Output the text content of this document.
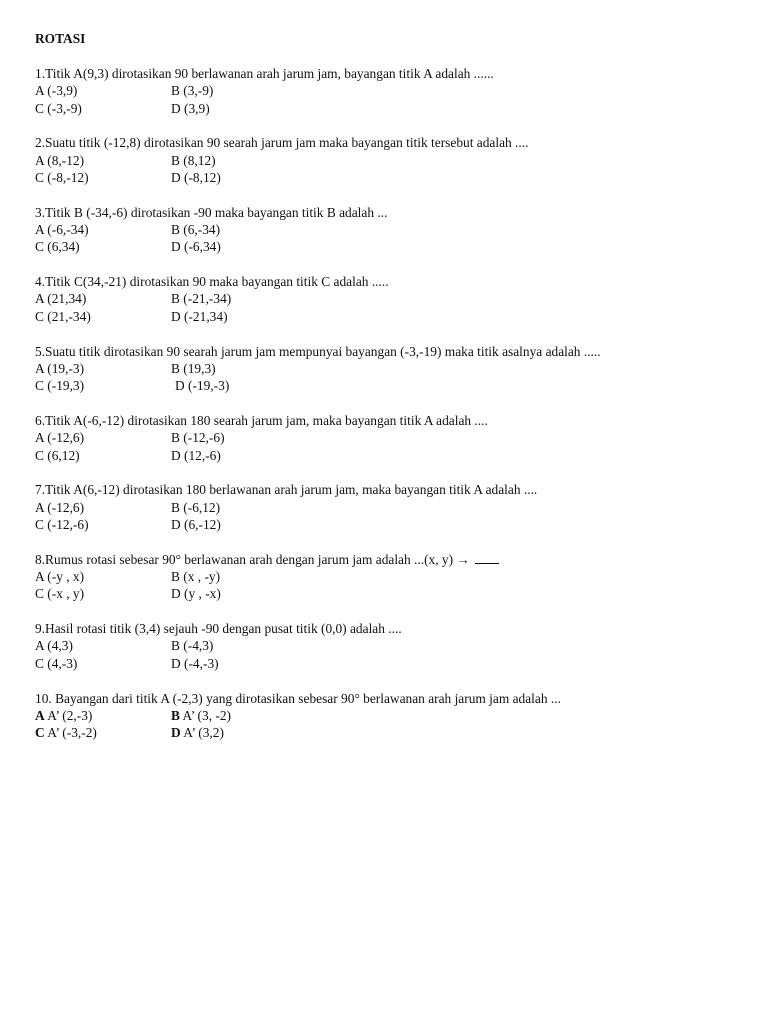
ROTASI
1.Titik A(9,3) dirotasikan 90 berlawanan arah jarum jam, bayangan titik A adalah ......
A (-3,9)	B (3,-9)
C (-3,-9)	D (3,9)
2.Suatu titik (-12,8) dirotasikan 90 searah jarum jam maka bayangan titik tersebut adalah ....
A (8,-12)	B (8,12)
C (-8,-12)	D (-8,12)
3.Titik B (-34,-6) dirotasikan -90 maka bayangan titik B adalah ...
A (-6,-34)	B (6,-34)
C (6,34)	D (-6,34)
4.Titik C(34,-21) dirotasikan 90 maka bayangan titik C adalah .....
A (21,34)	B (-21,-34)
C (21,-34)	D (-21,34)
5.Suatu titik dirotasikan 90 searah jarum jam mempunyai bayangan (-3,-19) maka titik asalnya adalah .....
A (19,-3)	B (19,3)
C (-19,3)	D (-19,-3)
6.Titik A(-6,-12) dirotasikan 180 searah jarum jam, maka bayangan titik A adalah ....
A (-12,6)	B (-12,-6)
C (6,12)	D (12,-6)
7.Titik A(6,-12) dirotasikan 180 berlawanan arah jarum jam, maka bayangan titik A adalah ....
A (-12,6)	B (-6,12)
C (-12,-6)	D (6,-12)
8.Rumus rotasi sebesar 90° berlawanan arah dengan jarum jam adalah ...(x, y) →
A (-y , x)	B (x , -y)
C (-x , y)	D (y , -x)
9.Hasil rotasi titik (3,4) sejauh -90 dengan pusat titik (0,0) adalah ....
A (4,3)	B (-4,3)
C (4,-3)	D (-4,-3)
10. Bayangan dari titik A (-2,3) yang dirotasikan sebesar 90° berlawanan arah jarum jam adalah ...
A A’ (2,-3)	B A’ (3, -2)
C A’ (-3,-2)	D A’ (3,2)
